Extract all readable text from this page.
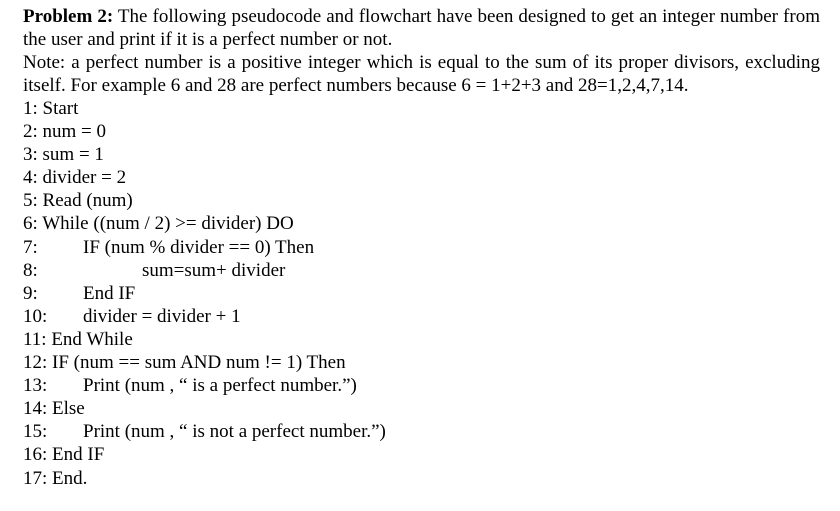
Problem 2: The following pseudocode and flowchart have been designed to get an integer number from the user and print if it is a perfect number or not.

Note: a perfect number is a positive integer which is equal to the sum of its proper divisors, excluding itself. For example 6 and 28 are perfect numbers because 6 = 1+2+3 and 28=1,2,4,7,14.

1: Start
2: num = 0
3: sum = 1
4: divider = 2
5: Read (num)
6: While ((num / 2) >= divider) DO
7: IF (num % divider == 0) Then
8:	sum=sum+ divider
9: End IF
10: divider = divider + 1
11: End While
12: IF (num == sum AND num != 1) Then
13: Print (num , “ is a perfect number.”)
14: Else
15: Print (num , “ is not a perfect number.”)
16: End IF
17: End.
